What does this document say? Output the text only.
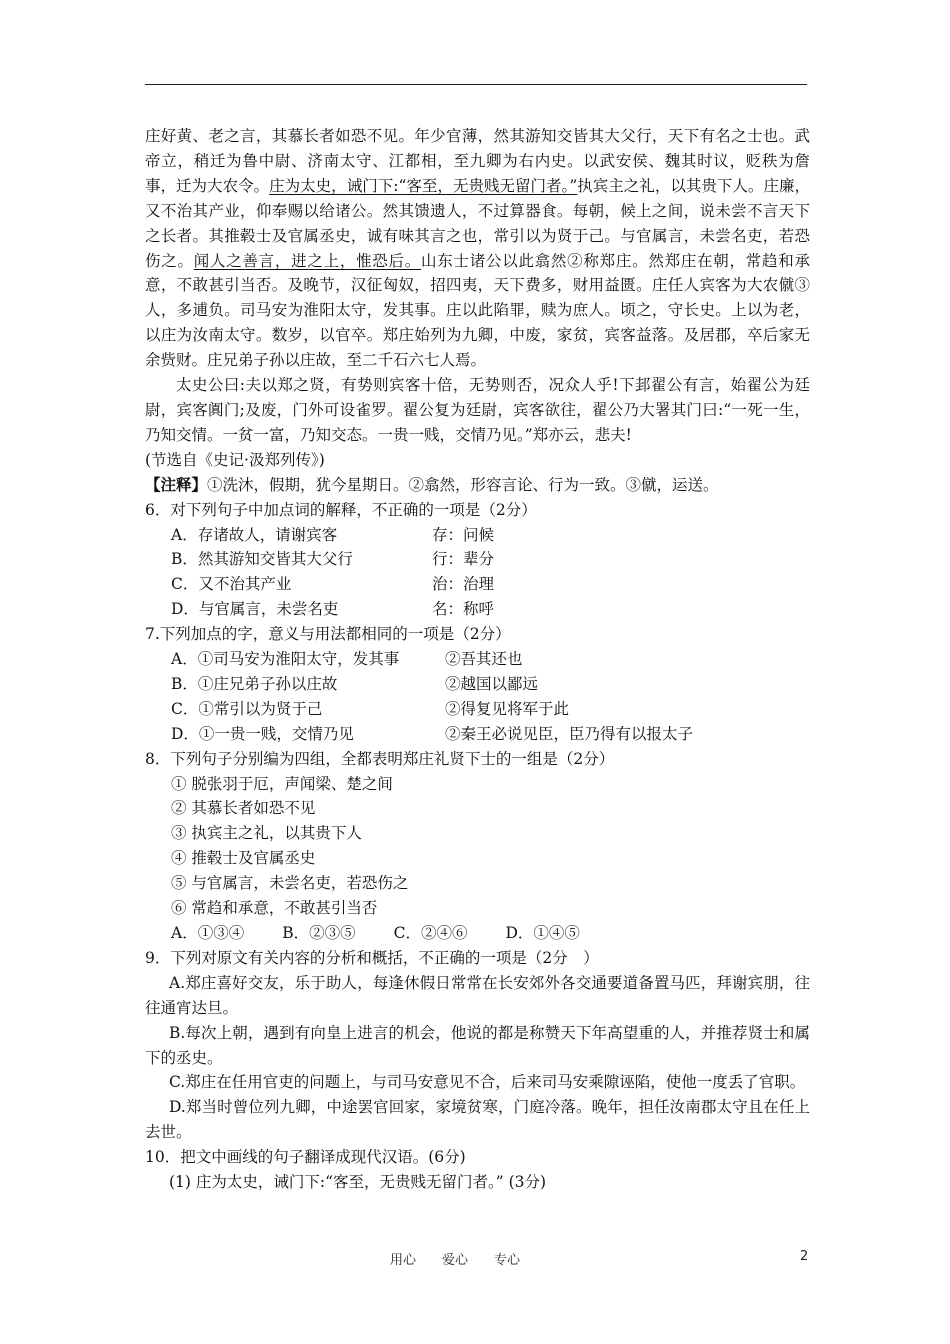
庄好黄、老之言，其慕长者如恐不见。年少官薄，然其游知交皆其大父行，天下有名之士也。武帝立，稍迁为鲁中尉、济南太守、江都相，至九卿为右内史。以武安侯、魏其时议，贬秩为詹事，迁为大农令。庄为太史，诫门下:“客至，无贵贱无留门者。”执宾主之礼，以其贵下人。庄廉，又不治其产业，仰奉赐以给诸公。然其馈遗人，不过算器食。每朝，候上之间，说未尝不言天下之长者。其推毂士及官属丞史，诚有味其言之也，常引以为贤于己。与官属言，未尝名吏，若恐伤之。闻人之善言，进之上，惟恐后。山东士诸公以此翕然②称郑庄。然郑庄在朝，常趋和承意，不敢甚引当否。及晚节，汉征匈奴，招四夷，天下费多，财用益匮。庄任人宾客为大农僦③人，多逋负。司马安为淮阳太守，发其事。庄以此陷罪，赎为庶人。顷之，守长史。上以为老，以庄为汝南太守。数岁，以官卒。郑庄始列为九卿，中废，家贫，宾客益落。及居郡，卒后家无余赀财。庄兄弟子孙以庄故，至二千石六七人焉。

太史公曰:夫以郑之贤，有势则宾客十倍，无势则否，况众人乎!下邽翟公有言，始翟公为廷尉，宾客阗门;及废，门外可设雀罗。翟公复为廷尉，宾客欲往，翟公乃大署其门曰:“一死一生，乃知交情。一贫一富，乃知交态。一贵一贱，交情乃见。”郑亦云，悲夫!

(节选自《史记·汲郑列传》)

【注释】①洗沐，假期，犹今星期日。②翕然，形容言论、行为一致。③僦，运送。

6．对下列句子中加点词的解释，不正确的一项是（2分）

A．存诸故人，请谢宾客	存：问候

B．然其游知交皆其大父行	行：辈分

C．又不治其产业	治：治理

D．与官属言，未尝名吏	名：称呼

7.下列加点的字，意义与用法都相同的一项是（2分）

A．①司马安为淮阳太守，发其事	②吾其还也

B．①庄兄弟子孙以庄故	②越国以鄙远

C．①常引以为贤于己	②得复见将军于此

D．①一贵一贱，交情乃见	②秦王必说见臣，臣乃得有以报太子

8．下列句子分别编为四组，全都表明郑庄礼贤下士的一组是（2分）

① 脱张羽于厄，声闻梁、楚之间

② 其慕长者如恐不见

③ 执宾主之礼，以其贵下人

④ 推毂士及官属丞史

⑤ 与官属言，未尝名吏，若恐伤之

⑥ 常趋和承意，不敢甚引当否

A．①③④ B．②③⑤ C．②④⑥ D．①④⑤

9．下列对原文有关内容的分析和概括，不正确的一项是（2分　）

A.郑庄喜好交友，乐于助人，每逢休假日常常在长安郊外各交通要道备置马匹，拜谢宾朋，往往通宵达旦。

B.每次上朝，遇到有向皇上进言的机会，他说的都是称赞天下年高望重的人，并推荐贤士和属下的丞史。

C.郑庄在任用官吏的问题上，与司马安意见不合，后来司马安乘隙诬陷，使他一度丢了官职。

D.郑当时曾位列九卿，中途罢官回家，家境贫寒，门庭冷落。晚年，担任汝南郡太守且在任上去世。

10．把文中画线的句子翻译成现代汉语。(6分)

(1) 庄为太史，诫门下:“客至，无贵贱无留门者。” (3分)

用心 爱心 专心	2
